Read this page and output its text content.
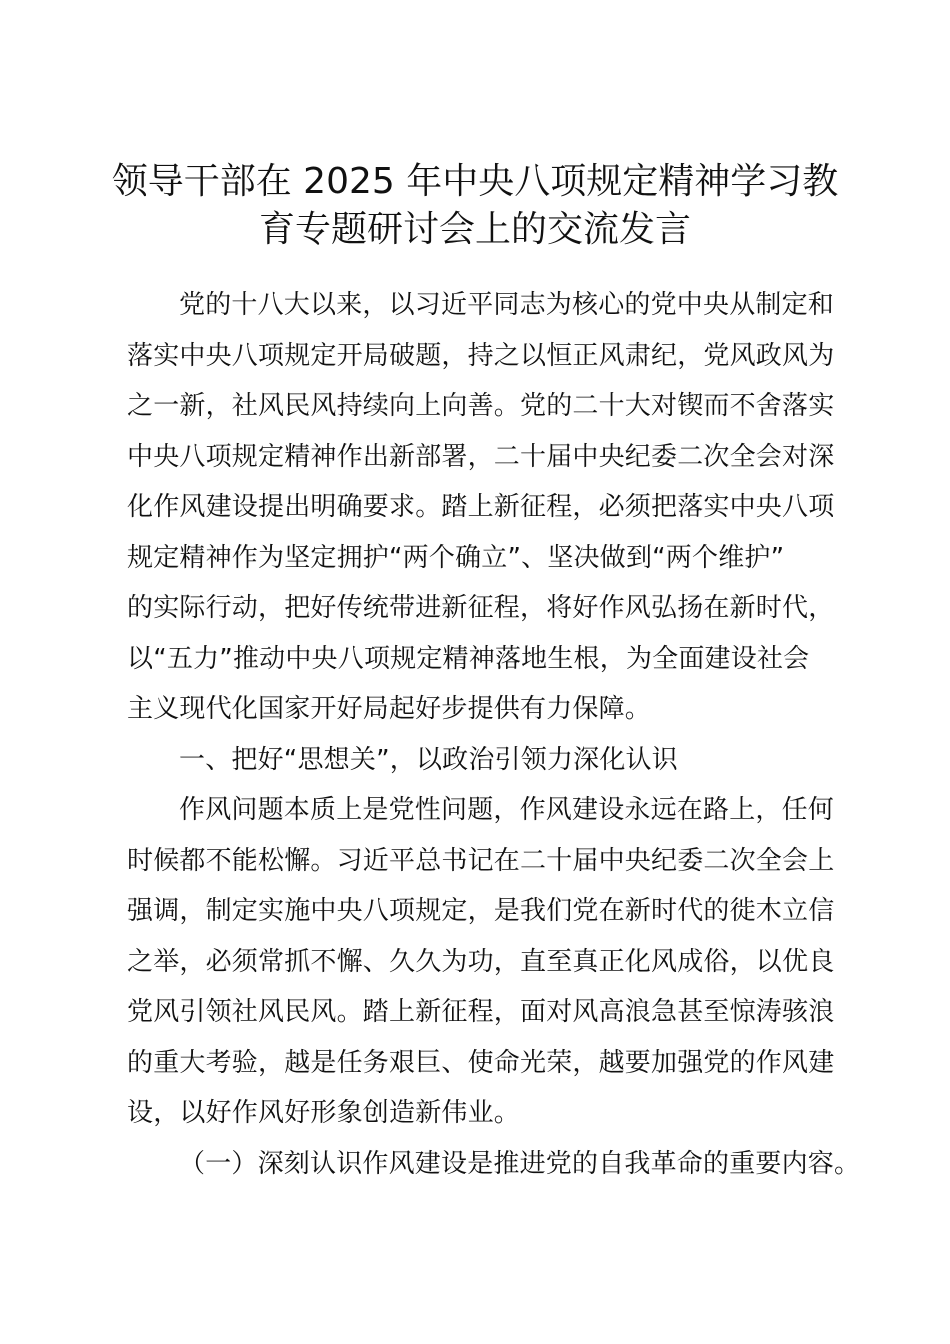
领导干部在 2025 年中央八项规定精神学习教
育专题研讨会上的交流发言
党的十八大以来，以习近平同志为核心的党中央从制定和
落实中央八项规定开局破题，持之以恒正风肃纪，党风政风为
之一新，社风民风持续向上向善。党的二十大对锲而不舍落实
中央八项规定精神作出新部署，二十届中央纪委二次全会对深
化作风建设提出明确要求。踏上新征程，必须把落实中央八项
规定精神作为坚定拥护“两个确立”、坚决做到“两个维护”
的实际行动，把好传统带进新征程，将好作风弘扬在新时代，
以“五力”推动中央八项规定精神落地生根，为全面建设社会
主义现代化国家开好局起好步提供有力保障。
一、把好“思想关”，以政治引领力深化认识
作风问题本质上是党性问题，作风建设永远在路上，任何
时候都不能松懈。习近平总书记在二十届中央纪委二次全会上
强调，制定实施中央八项规定，是我们党在新时代的徙木立信
之举，必须常抓不懈、久久为功，直至真正化风成俗，以优良
党风引领社风民风。踏上新征程，面对风高浪急甚至惊涛骇浪
的重大考验，越是任务艰巨、使命光荣，越要加强党的作风建
设，以好作风好形象创造新伟业。
（一）深刻认识作风建设是推进党的自我革命的重要内容。
